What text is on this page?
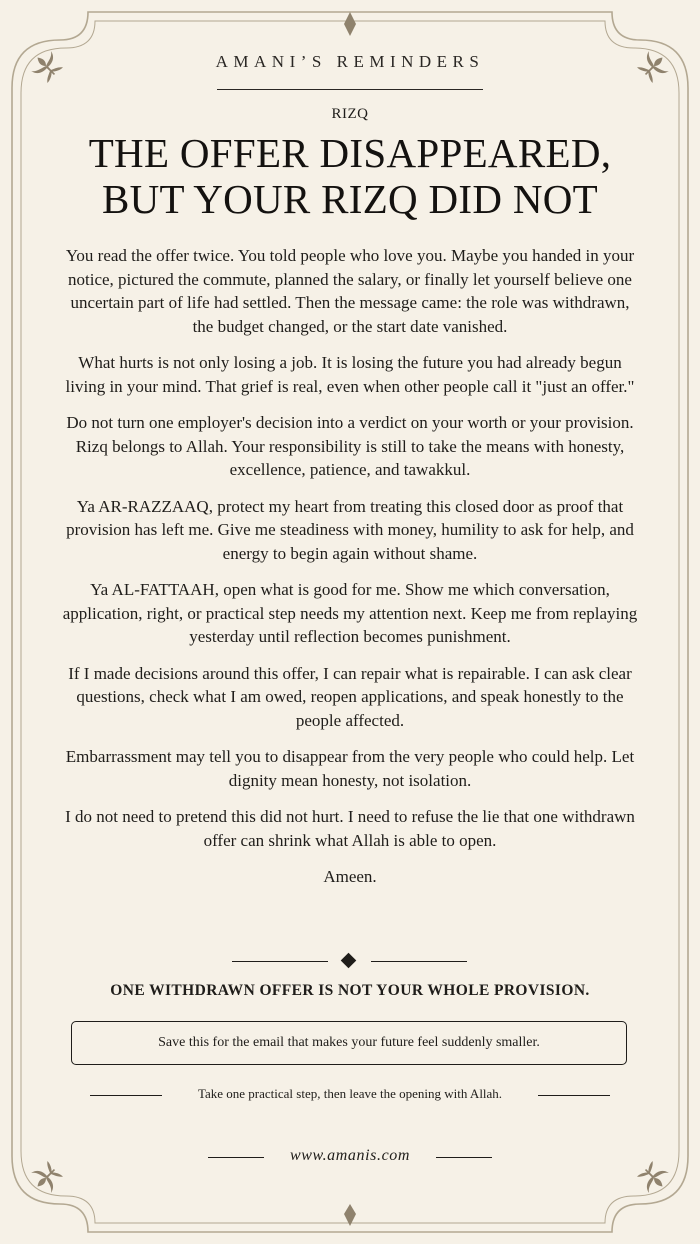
AMANI’S REMINDERS
RIZQ
THE OFFER DISAPPEARED,
BUT YOUR RIZQ DID NOT

You read the offer twice. You told people who love you. Maybe you handed in your notice, pictured the commute, planned the salary, or finally let yourself believe one uncertain part of life had settled. Then the message came: the role was withdrawn, the budget changed, or the start date vanished.

What hurts is not only losing a job. It is losing the future you had already begun living in your mind. That grief is real, even when other people call it "just an offer."

Do not turn one employer's decision into a verdict on your worth or your provision. Rizq belongs to Allah. Your responsibility is still to take the means with honesty, excellence, patience, and tawakkul.

Ya AR-RAZZAAQ, protect my heart from treating this closed door as proof that provision has left me. Give me steadiness with money, humility to ask for help, and energy to begin again without shame.

Ya AL-FATTAAH, open what is good for me. Show me which conversation, application, right, or practical step needs my attention next. Keep me from replaying yesterday until reflection becomes punishment.

If I made decisions around this offer, I can repair what is repairable. I can ask clear questions, check what I am owed, reopen applications, and speak honestly to the people affected.

Embarrassment may tell you to disappear from the very people who could help. Let dignity mean honesty, not isolation.

I do not need to pretend this did not hurt. I need to refuse the lie that one withdrawn offer can shrink what Allah is able to open.

Ameen.

ONE WITHDRAWN OFFER IS NOT YOUR WHOLE PROVISION.
Save this for the email that makes your future feel suddenly smaller.
Take one practical step, then leave the opening with Allah.
www.amanis.com
